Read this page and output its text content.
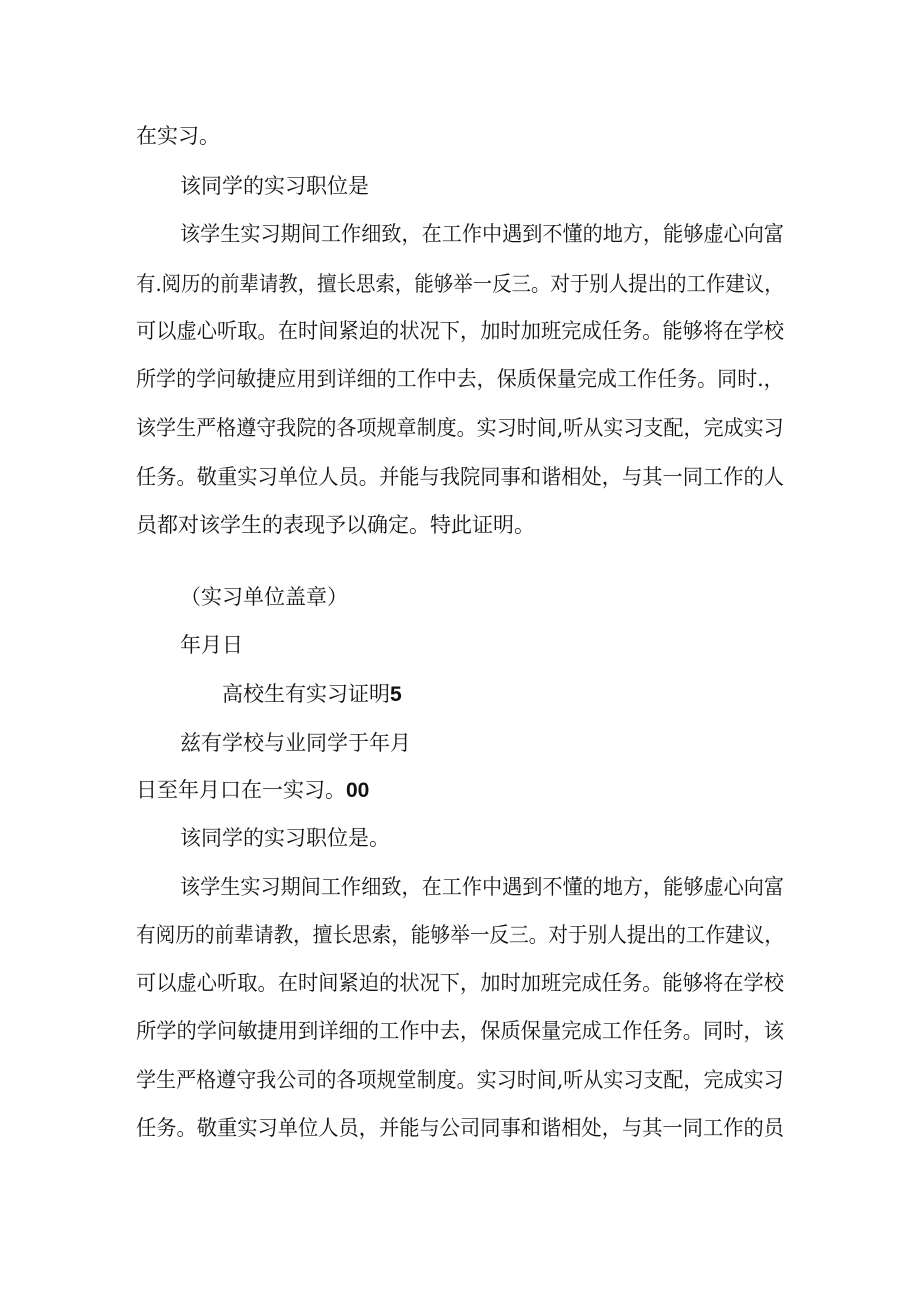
在实习。
该同学的实习职位是
该学生实习期间工作细致，在工作中遇到不懂的地方，能够虚心向富
有.阅历的前辈请教，擅长思索，能够举一反三。对于别人提出的工作建议，
可以虚心听取。在时间紧迫的状况下，加时加班完成任务。能够将在学校
所学的学问敏捷应用到详细的工作中去，保质保量完成工作任务。同时.，
该学生严格遵守我院的各项规章制度。实习时间,听从实习支配，完成实习
任务。敬重实习单位人员。并能与我院同事和谐相处，与其一同工作的人
员都对该学生的表现予以确定。特此证明。
（实习单位盖章）
年月日
高校生有实习证明5
兹有学校与业同学于年月
日至年月口在一实习。00
该同学的实习职位是。
该学生实习期间工作细致，在工作中遇到不懂的地方，能够虚心向富
有阅历的前辈请教，擅长思索，能够举一反三。对于别人提出的工作建议，
可以虚心听取。在时间紧迫的状况下，加时加班完成任务。能够将在学校
所学的学问敏捷用到详细的工作中去，保质保量完成工作任务。同时，该
学生严格遵守我公司的各项规堂制度。实习时间,听从实习支配，完成实习
任务。敬重实习单位人员，并能与公司同事和谐相处，与其一同工作的员
